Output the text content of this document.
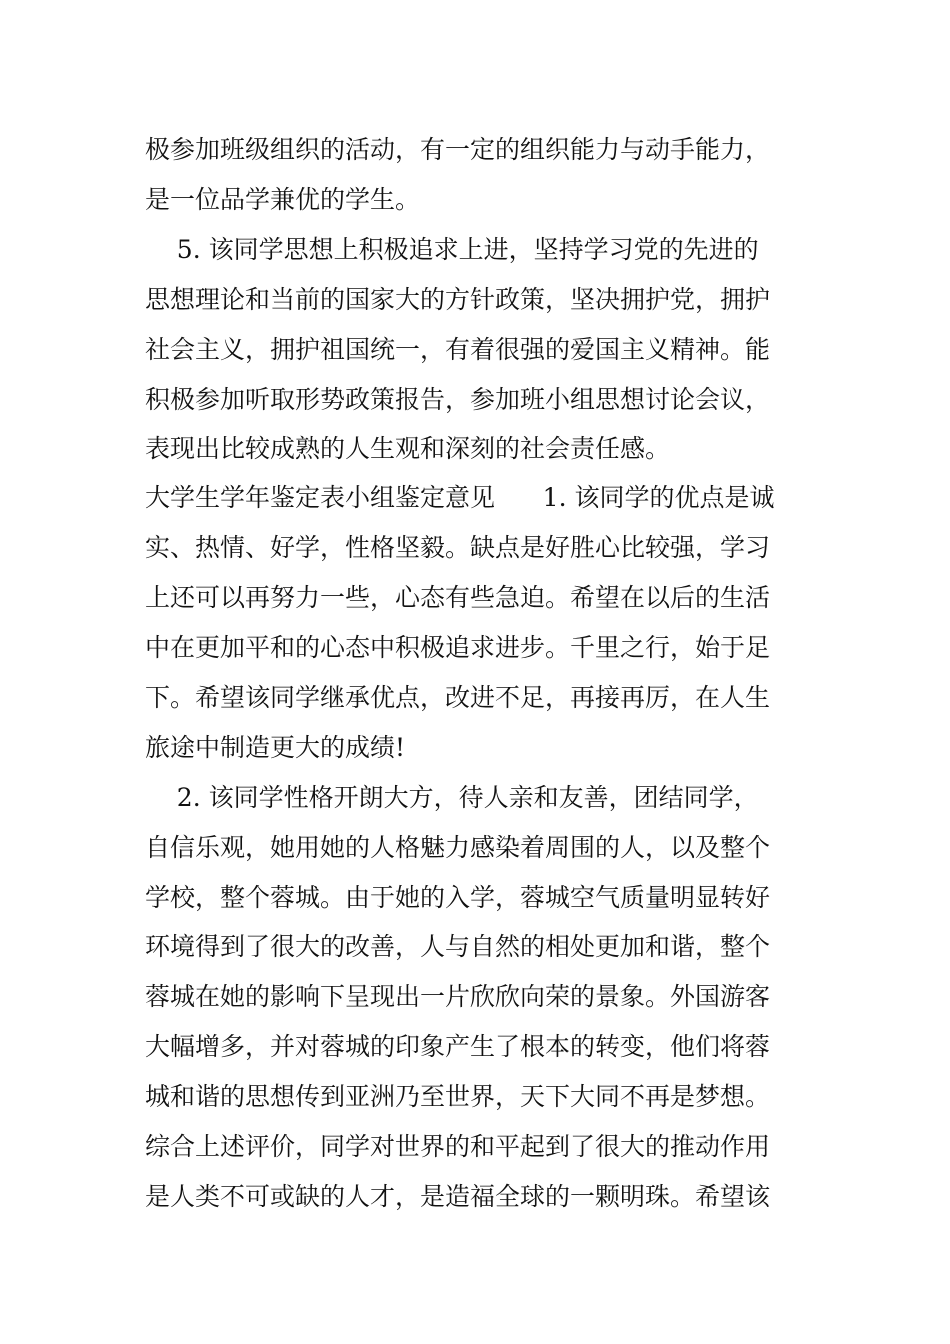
极参加班级组织的活动，有一定的组织能力与动手能力，
是一位品学兼优的学生。
5. 该同学思想上积极追求上进，坚持学习党的先进的
思想理论和当前的国家大的方针政策，坚决拥护党，拥护
社会主义，拥护祖国统一，有着很强的爱国主义精神。能
积极参加听取形势政策报告，参加班小组思想讨论会议，
表现出比较成熟的人生观和深刻的社会责任感。
大学生学年鉴定表小组鉴定意见      1. 该同学的优点是诚
实、热情、好学，性格坚毅。缺点是好胜心比较强，学习
上还可以再努力一些，心态有些急迫。希望在以后的生活
中在更加平和的心态中积极追求进步。千里之行，始于足
下。希望该同学继承优点，改进不足，再接再厉，在人生
旅途中制造更大的成绩!
2. 该同学性格开朗大方，待人亲和友善，团结同学，
自信乐观，她用她的人格魅力感染着周围的人，以及整个
学校，整个蓉城。由于她的入学，蓉城空气质量明显转好
环境得到了很大的改善，人与自然的相处更加和谐，整个
蓉城在她的影响下呈现出一片欣欣向荣的景象。外国游客
大幅增多，并对蓉城的印象产生了根本的转变，他们将蓉
城和谐的思想传到亚洲乃至世界，天下大同不再是梦想。
综合上述评价，同学对世界的和平起到了很大的推动作用
是人类不可或缺的人才，是造福全球的一颗明珠。希望该
